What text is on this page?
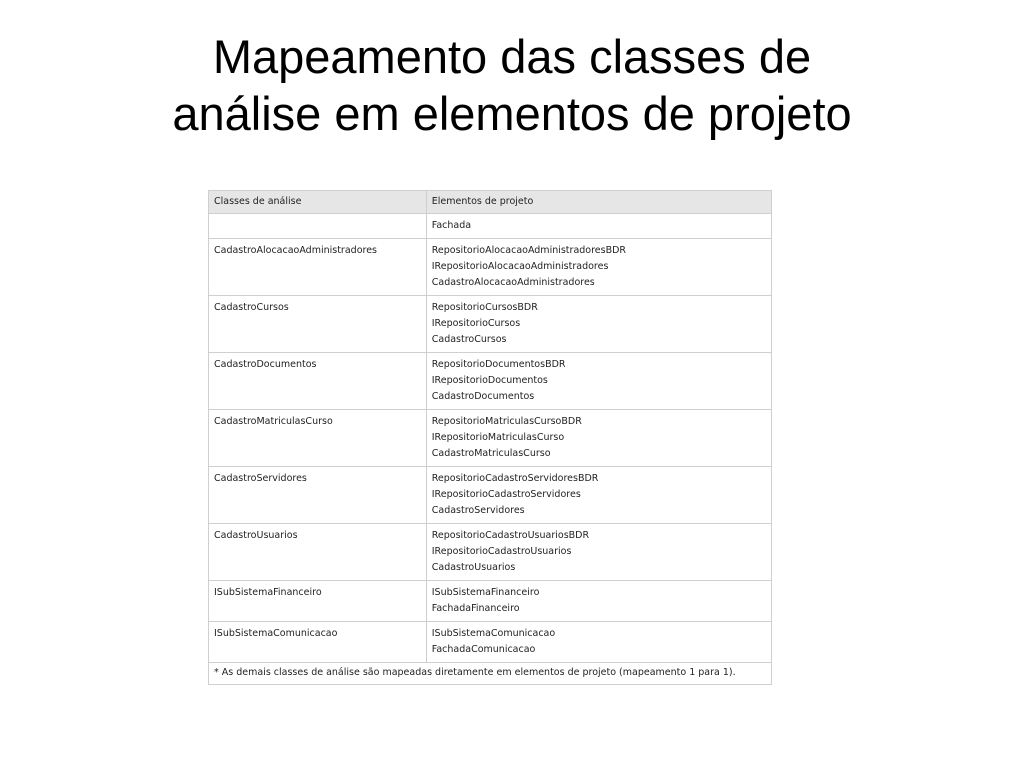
Mapeamento das classes de
análise em elementos de projeto
Classes de análise	Elementos de projeto

	Fachada

CadastroAlocacaoAdministradores	RepositorioAlocacaoAdministradoresBDR
IRepositorioAlocacaoAdministradores
CadastroAlocacaoAdministradores

CadastroCursos	RepositorioCursosBDR
IRepositorioCursos
CadastroCursos

CadastroDocumentos	RepositorioDocumentosBDR
IRepositorioDocumentos
CadastroDocumentos

CadastroMatriculasCurso	RepositorioMatriculasCursoBDR
IRepositorioMatriculasCurso
CadastroMatriculasCurso

CadastroServidores	RepositorioCadastroServidoresBDR
IRepositorioCadastroServidores
CadastroServidores

CadastroUsuarios	RepositorioCadastroUsuariosBDR
IRepositorioCadastroUsuarios
CadastroUsuarios

ISubSistemaFinanceiro	ISubSistemaFinanceiro
FachadaFinanceiro

ISubSistemaComunicacao	ISubSistemaComunicacao
FachadaComunicacao

* As demais classes de análise são mapeadas diretamente em elementos de projeto (mapeamento 1 para 1).	
